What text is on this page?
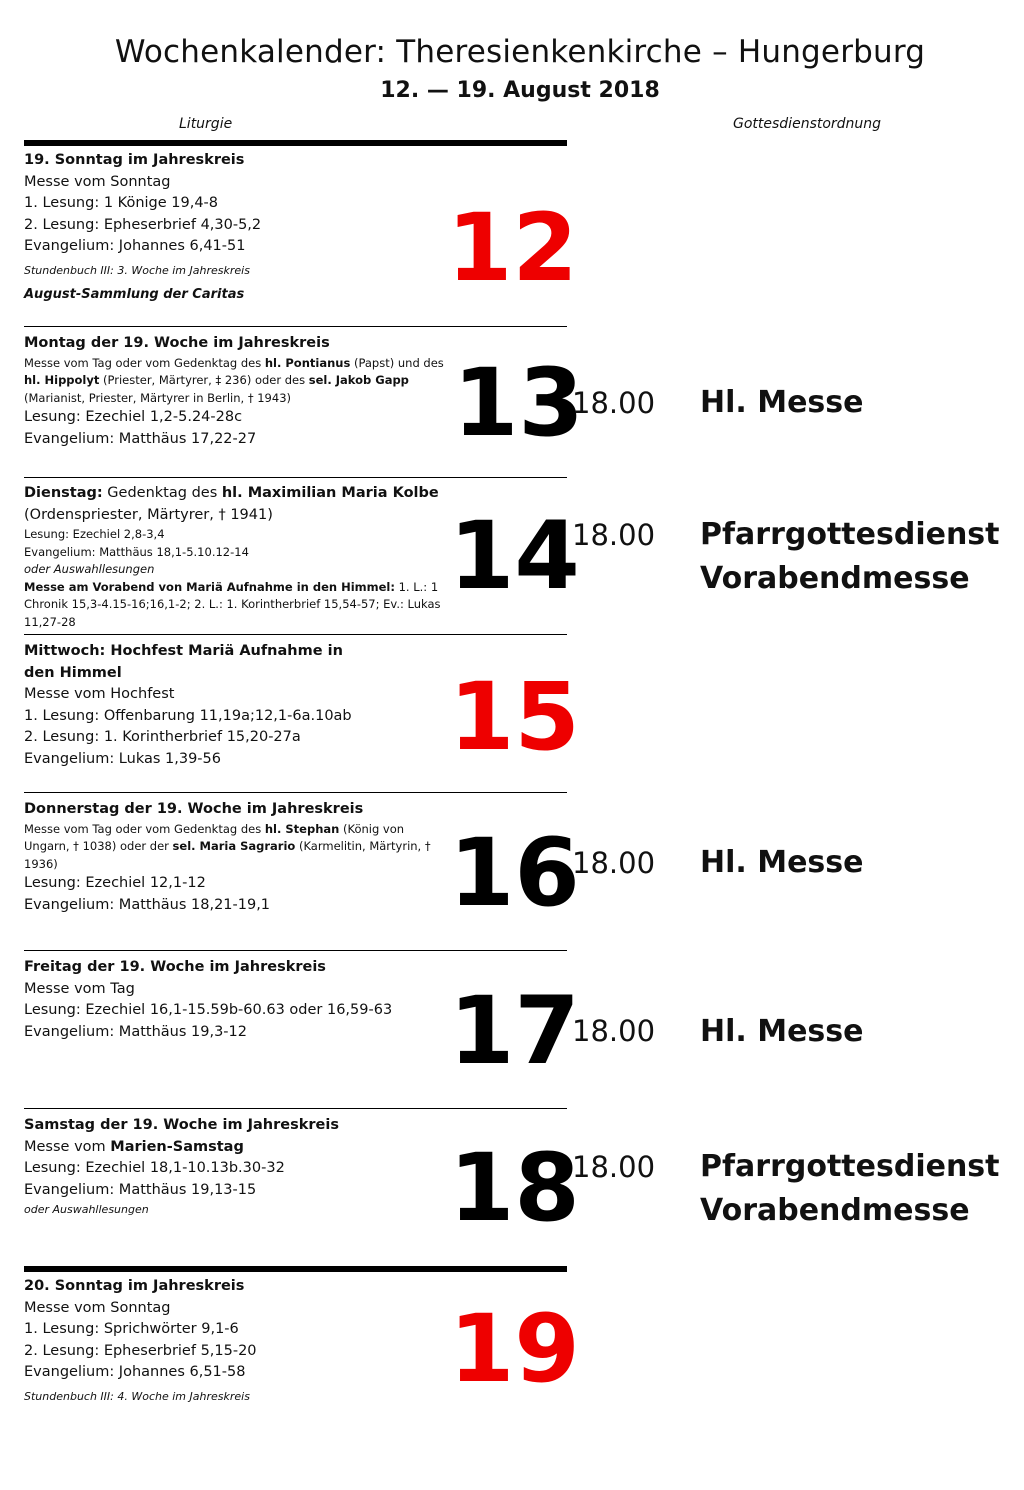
Wochenkalender: Theresienkenkirche – Hungerburg
12. — 19. August 2018
Liturgie	Gottesdienstordnung
19. Sonntag im Jahreskreis
Messe vom Sonntag
1. Lesung: 1 Könige 19,4-8
2. Lesung: Epheserbrief 4,30-5,2
Evangelium: Johannes 6,41-51
Stundenbuch III: 3. Woche im Jahreskreis
August-Sammlung der Caritas	12
Montag der 19. Woche im Jahreskreis
Messe vom Tag oder vom Gedenktag des hl. Pontianus (Papst) und des hl. Hippolyt (Priester, Märtyrer, ‡ 236) oder des sel. Jakob Gapp (Marianist, Priester, Märtyrer in Berlin, † 1943)
Lesung: Ezechiel 1,2-5.24-28c
Evangelium: Matthäus 17,22-27	13
18.00 Hl. Messe
Dienstag: Gedenktag des hl. Maximilian Maria Kolbe (Ordenspriester, Märtyrer, † 1941)
Lesung: Ezechiel 2,8-3,4
Evangelium: Matthäus 18,1-5.10.12-14
oder Auswahllesungen
Messe am Vorabend von Mariä Aufnahme in den Himmel: 1. L.: 1 Chronik 15,3-4.15-16;16,1-2; 2. L.: 1. Korintherbrief 15,54-57; Ev.: Lukas 11,27-28
14
18.00 Pfarrgottesdienst
Vorabendmesse
Mittwoch: Hochfest Mariä Aufnahme in den Himmel
Messe vom Hochfest
1. Lesung: Offenbarung 11,19a;12,1-6a.10ab
2. Lesung: 1. Korintherbrief 15,20-27a
Evangelium: Lukas 1,39-56	15
Donnerstag der 19. Woche im Jahreskreis
Messe vom Tag oder vom Gedenktag des hl. Stephan (König von Ungarn, † 1038) oder der sel. Maria Sagrario (Karmelitin, Märtyrin, † 1936)
Lesung: Ezechiel 12,1-12
Evangelium: Matthäus 18,21-19,1	16
18.00 Hl. Messe
Freitag der 19. Woche im Jahreskreis
Messe vom Tag
Lesung: Ezechiel 16,1-15.59b-60.63 oder 16,59-63
Evangelium: Matthäus 19,3-12	17
18.00 Hl. Messe
Samstag der 19. Woche im Jahreskreis
Messe vom Marien-Samstag
Lesung: Ezechiel 18,1-10.13b.30-32
Evangelium: Matthäus 19,13-15
oder Auswahllesungen	18
18.00 Pfarrgottesdienst
Vorabendmesse
20. Sonntag im Jahreskreis
Messe vom Sonntag
1. Lesung: Sprichwörter 9,1-6
2. Lesung: Epheserbrief 5,15-20
Evangelium: Johannes 6,51-58
Stundenbuch III: 4. Woche im Jahreskreis	19
